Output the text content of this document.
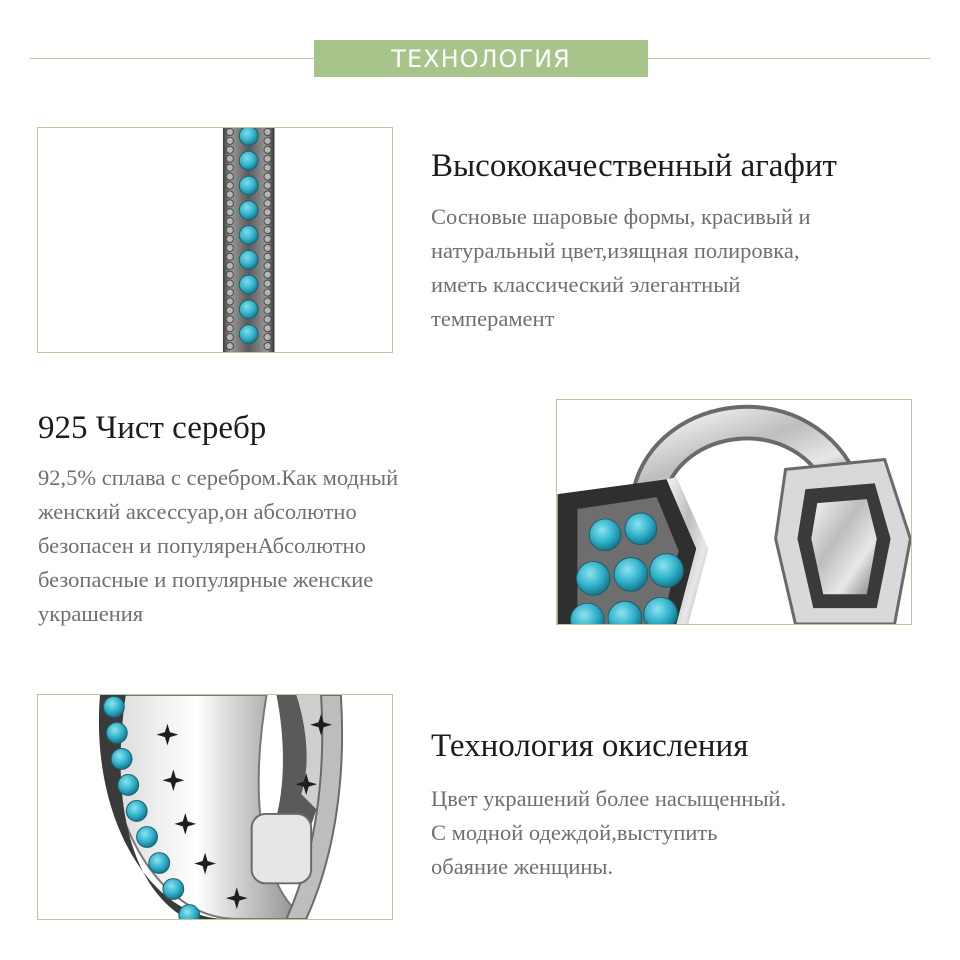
ТЕХНОЛОГИЯ
Высококачественный агафит
Сосновые шаровые формы, красивый и
натуральный цвет,изящная полировка,
иметь классический элегантный
темперамент
925 Чист серебр
92,5% сплава с серебром.Как модный
женский аксессуар,он абсолютно
безопасен и популяренАбсолютно
безопасные и популярные женские
украшения
Технология окисления
Цвет украшений более насыщенный.
С модной одеждой,выступить
обаяние женщины.
